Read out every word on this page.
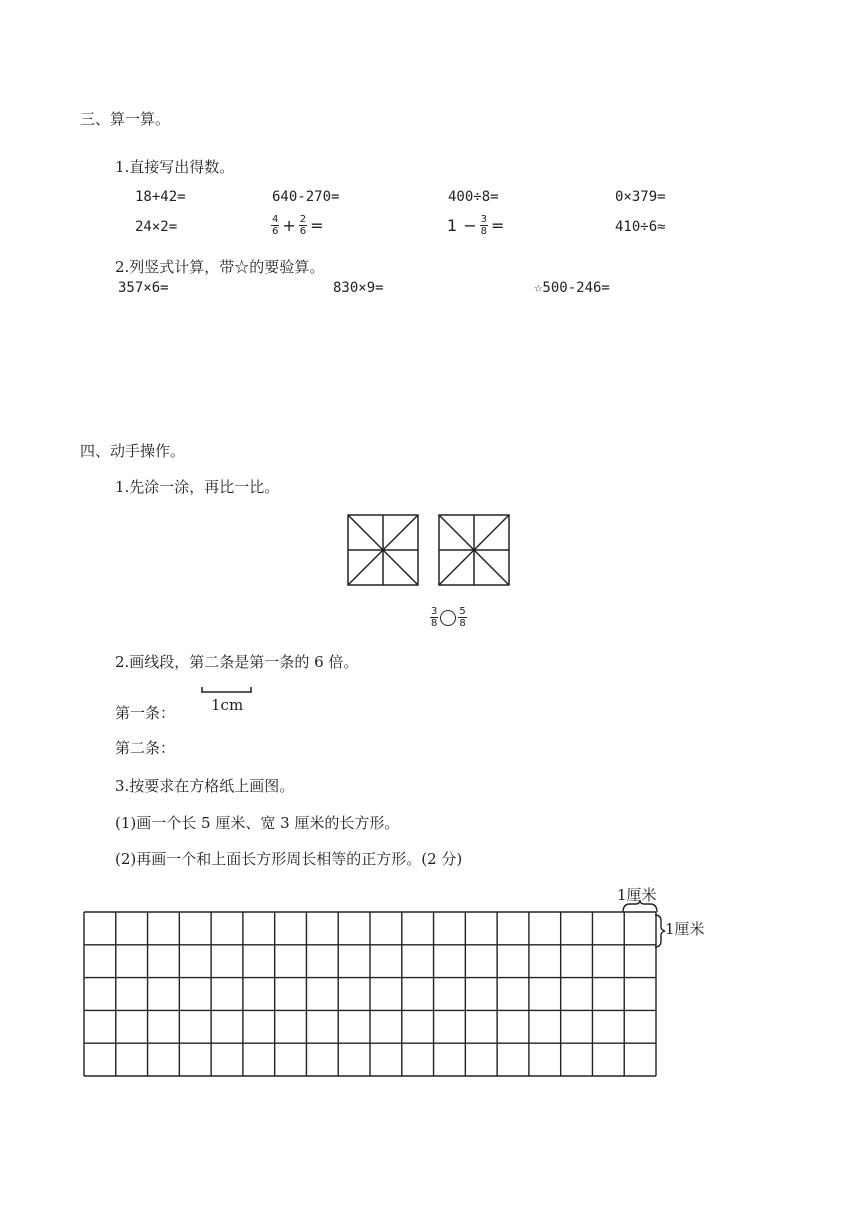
三、算一算。
1.直接写出得数。
18+42=	640-270=	400÷8=	0×379=
24×2=	$\frac{4}{6} + \frac{2}{6}$ =	$1 - \frac{3}{8}$ =	410÷6≈
2.列竖式计算，带☆的要验算。
357×6=	830×9=	☆500-246=
四、动手操作。
1.先涂一涂，再比一比。
$\frac{3}{8} \frac{5}{8}$
2.画线段，第二条是第一条的 6 倍。
第一条： 1cm
第二条：
3.按要求在方格纸上画图。
(1)画一个长 5 厘米、宽 3 厘米的长方形。
(2)再画一个和上面长方形周长相等的正方形。(2 分)
1厘米
1厘米
